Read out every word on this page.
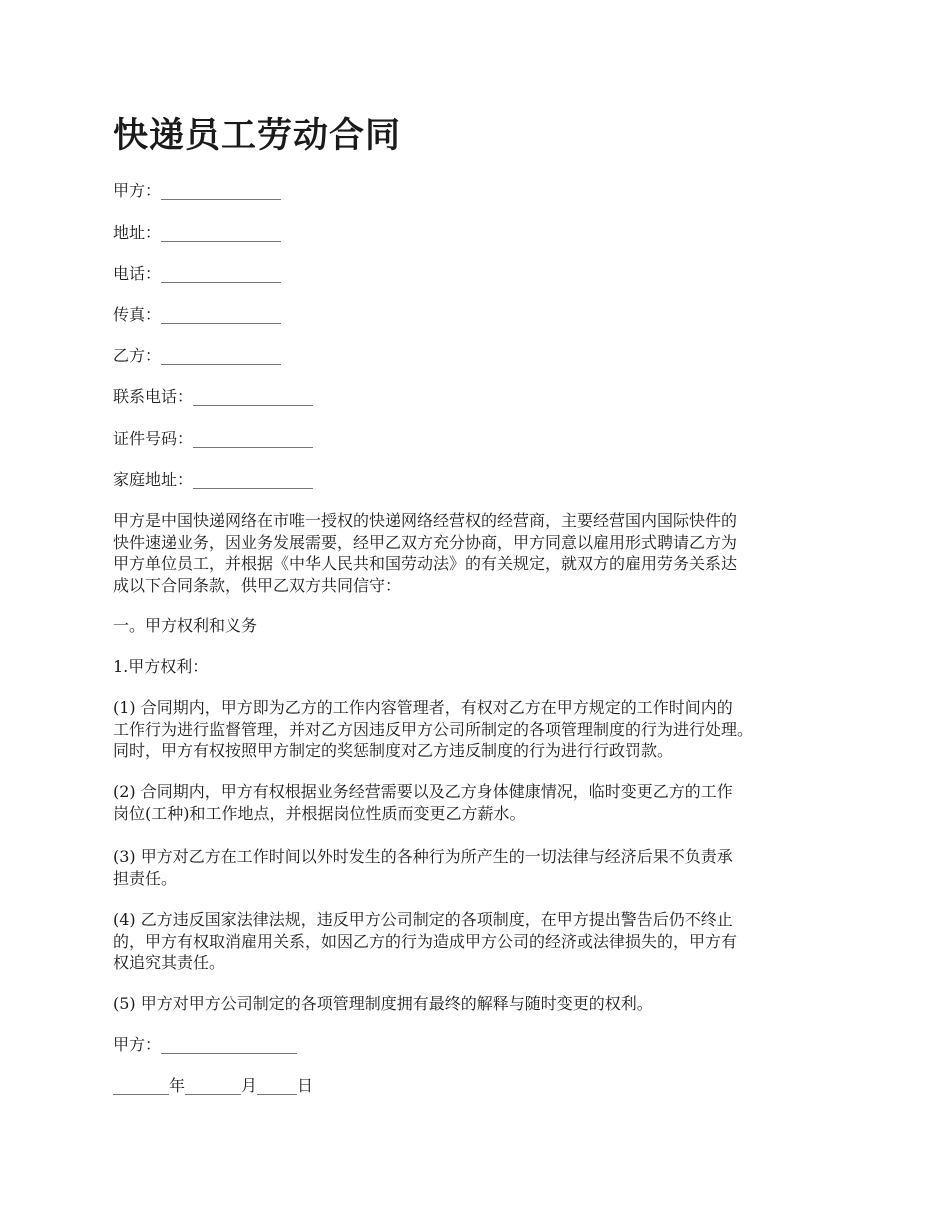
快递员工劳动合同
甲方：_______________
地址：_______________
电话：_______________
传真：_______________
乙方：_______________
联系电话：_______________
证件号码：_______________
家庭地址：_______________
甲方是中国快递网络在市唯一授权的快递网络经营权的经营商，主要经营国内国际快件的
快件速递业务，因业务发展需要，经甲乙双方充分协商，甲方同意以雇用形式聘请乙方为
甲方单位员工，并根据《中华人民共和国劳动法》的有关规定，就双方的雇用劳务关系达
成以下合同条款，供甲乙双方共同信守：
一。甲方权利和义务
1.甲方权利：
(1) 合同期内，甲方即为乙方的工作内容管理者，有权对乙方在甲方规定的工作时间内的
工作行为进行监督管理，并对乙方因违反甲方公司所制定的各项管理制度的行为进行处理。
同时，甲方有权按照甲方制定的奖惩制度对乙方违反制度的行为进行行政罚款。
(2) 合同期内，甲方有权根据业务经营需要以及乙方身体健康情况，临时变更乙方的工作
岗位(工种)和工作地点，并根据岗位性质而变更乙方薪水。
(3) 甲方对乙方在工作时间以外时发生的各种行为所产生的一切法律与经济后果不负责承
担责任。
(4) 乙方违反国家法律法规，违反甲方公司制定的各项制度，在甲方提出警告后仍不终止
的，甲方有权取消雇用关系，如因乙方的行为造成甲方公司的经济或法律损失的，甲方有
权追究其责任。
(5) 甲方对甲方公司制定的各项管理制度拥有最终的解释与随时变更的权利。
甲方：_________________
_______年_______月_____日
